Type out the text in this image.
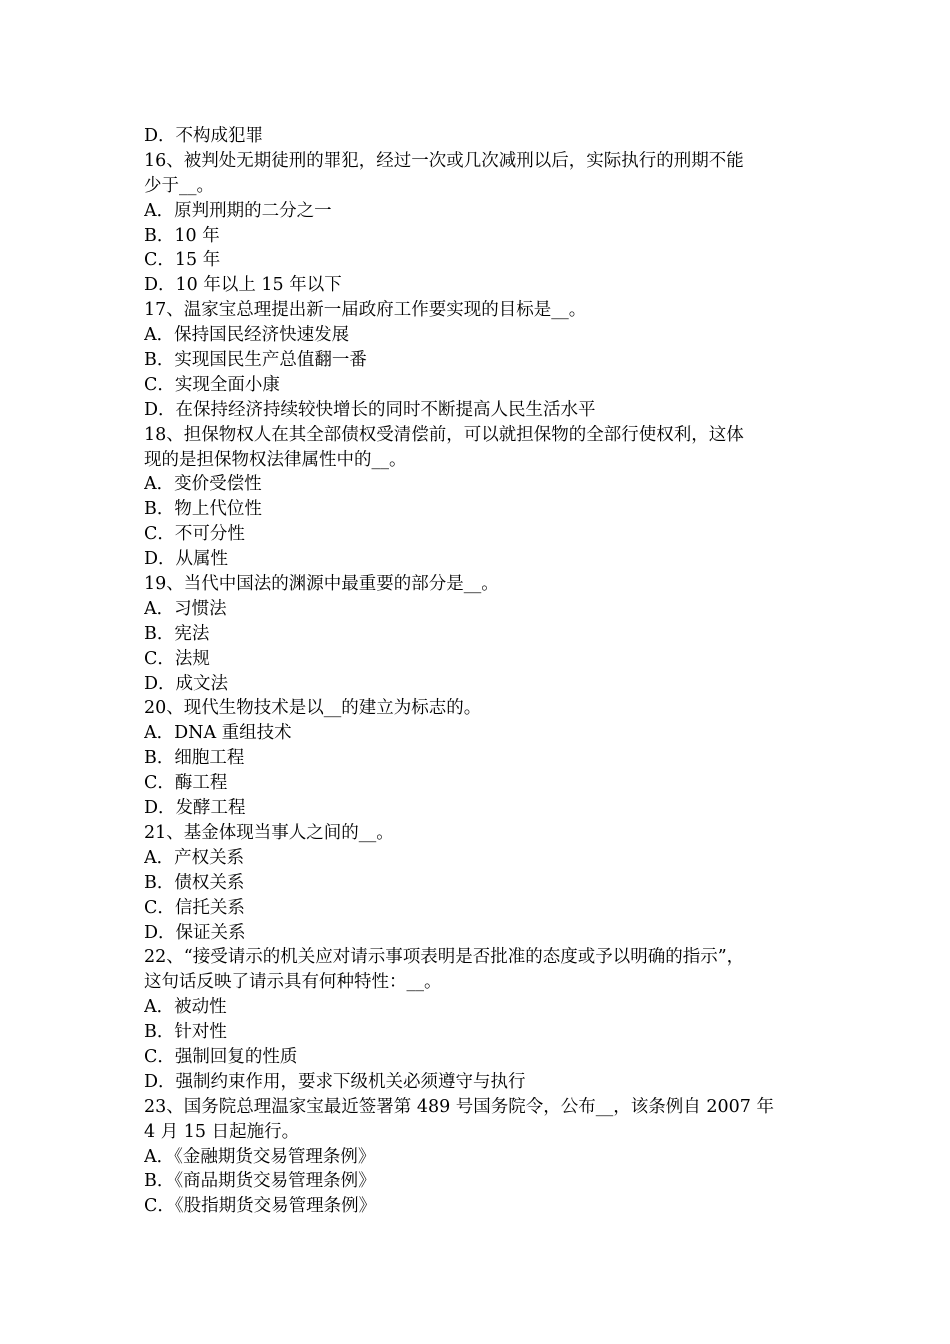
D．不构成犯罪
16、被判处无期徒刑的罪犯，经过一次或几次减刑以后，实际执行的刑期不能
少于__。
A．原判刑期的二分之一
B．10 年
C．15 年
D．10 年以上 15 年以下
17、温家宝总理提出新一届政府工作要实现的目标是__。
A．保持国民经济快速发展
B．实现国民生产总值翻一番
C．实现全面小康
D．在保持经济持续较快增长的同时不断提高人民生活水平
18、担保物权人在其全部债权受清偿前，可以就担保物的全部行使权利，这体
现的是担保物权法律属性中的__。
A．变价受偿性
B．物上代位性
C．不可分性
D．从属性
19、当代中国法的渊源中最重要的部分是__。
A．习惯法
B．宪法
C．法规
D．成文法
20、现代生物技术是以__的建立为标志的。
A．DNA 重组技术
B．细胞工程
C．酶工程
D．发酵工程
21、基金体现当事人之间的__。
A．产权关系
B．债权关系
C．信托关系
D．保证关系
22、“接受请示的机关应对请示事项表明是否批准的态度或予以明确的指示”，
这句话反映了请示具有何种特性：__。
A．被动性
B．针对性
C．强制回复的性质
D．强制约束作用，要求下级机关必须遵守与执行
23、国务院总理温家宝最近签署第 489 号国务院令，公布__，该条例自 2007 年
4 月 15 日起施行。
A．《金融期货交易管理条例》
B．《商品期货交易管理条例》
C．《股指期货交易管理条例》
